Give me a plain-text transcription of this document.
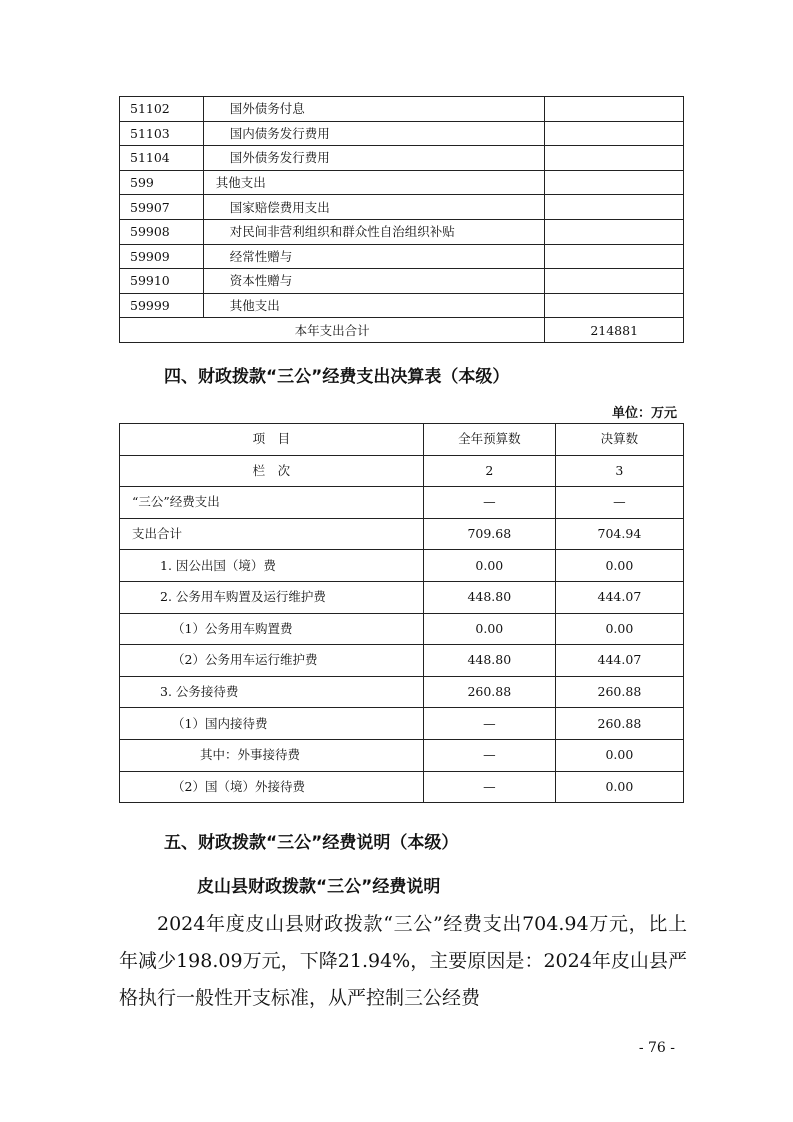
51102	国外债务付息	
51103	国内债务发行费用	
51104	国外债务发行费用	
599	其他支出	
59907	国家赔偿费用支出	
59908	对民间非营利组织和群众性自治组织补贴	
59909	经常性赠与	
59910	资本性赠与	
59999	其他支出	
本年支出合计		214881
四、财政拨款“三公”经费支出决算表（本级）
单位：万元
项　目	全年预算数	决算数
栏　次	2	3
“三公”经费支出	—	—
支出合计	709.68	704.94
1. 因公出国（境）费	0.00	0.00
2. 公务用车购置及运行维护费	448.80	444.07
（1）公务用车购置费	0.00	0.00
（2）公务用车运行维护费	448.80	444.07
3. 公务接待费	260.88	260.88
（1）国内接待费	—	260.88
其中：外事接待费	—	0.00
（2）国（境）外接待费	—	0.00
五、财政拨款“三公”经费说明（本级）
皮山县财政拨款“三公”经费说明

2024年度皮山县财政拨款“三公”经费支出704.94万元，比上年减少198.09万元，下降21.94%，主要原因是：2024年皮山县严格执行一般性开支标准，从严控制三公经费

- 76 -
